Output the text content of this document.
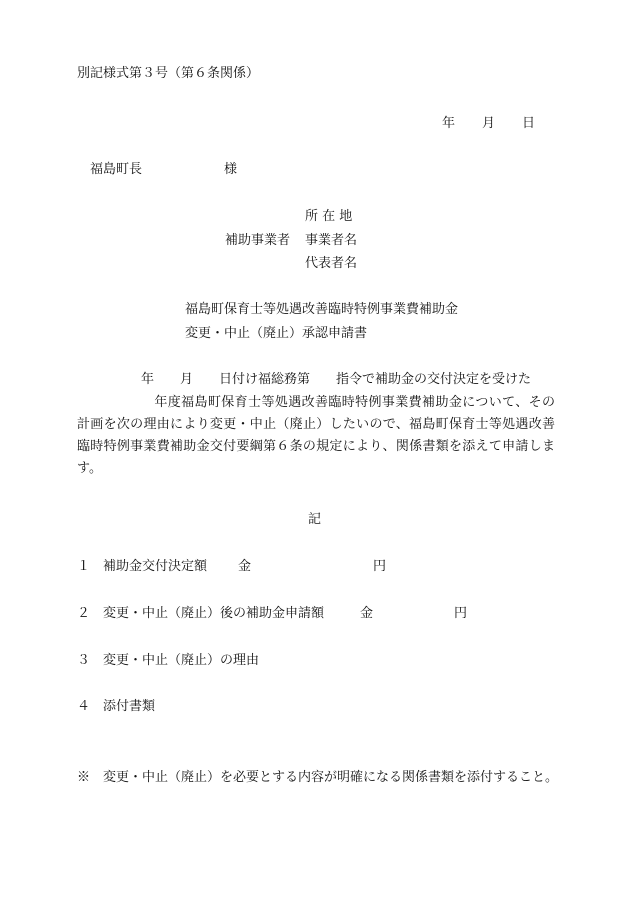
別記様式第３号（第６条関係）

年 月 日
福島町長	様
所 在 地
補助事業者 事業者名
代表者名

福島町保育士等処遇改善臨時特例事業費補助金

変更・中止（廃止）承認申請書

年　　月　　日付け福総務第　　指令で補助金の交付決定を受けた

　年度福島町保育士等処遇改善臨時特例事業費補助金について、その計画を次の理由により変更・中止（廃止）したいので、福島町保育士等処遇改善臨時特例事業費補助金交付要綱第６条の規定により、関係書類を添えて申請します。

記

１ 補助金交付決定額 金	円
２ 変更・中止（廃止）後の補助金申請額	金	円
３ 変更・中止（廃止）の理由
４ 添付書類

※　変更・中止（廃止）を必要とする内容が明確になる関係書類を添付すること。
